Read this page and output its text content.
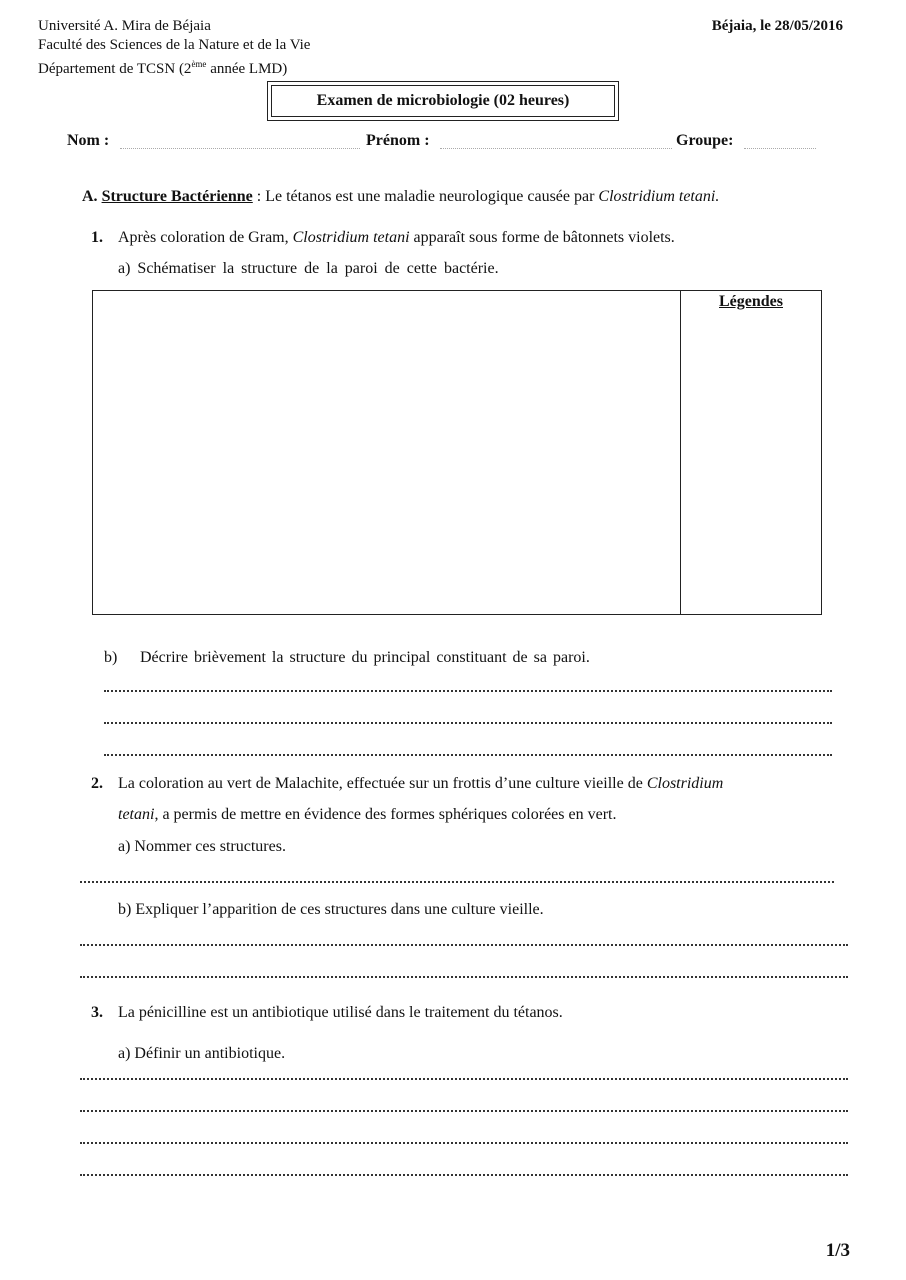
Université A. Mira de Béjaia
Faculté des Sciences de la Nature et de la Vie
Département de TCSN (2ème année LMD)
Béjaia, le 28/05/2016
Examen de microbiologie (02 heures)
Nom :	Prénom :	Groupe:
A. Structure Bactérienne : Le tétanos est une maladie neurologique causée par Clostridium tetani.
1. Après coloration de Gram, Clostridium tetani apparaît sous forme de bâtonnets violets.
a) Schématiser la structure de la paroi de cette bactérie.
Légendes
b) Décrire brièvement la structure du principal constituant de sa paroi.
2. La coloration au vert de Malachite, effectuée sur un frottis d’une culture vieille de Clostridium
tetani, a permis de mettre en évidence des formes sphériques colorées en vert.
a) Nommer ces structures.
b) Expliquer l’apparition de ces structures dans une culture vieille.
3. La pénicilline est un antibiotique utilisé dans le traitement du tétanos.
a) Définir un antibiotique.
1/3
